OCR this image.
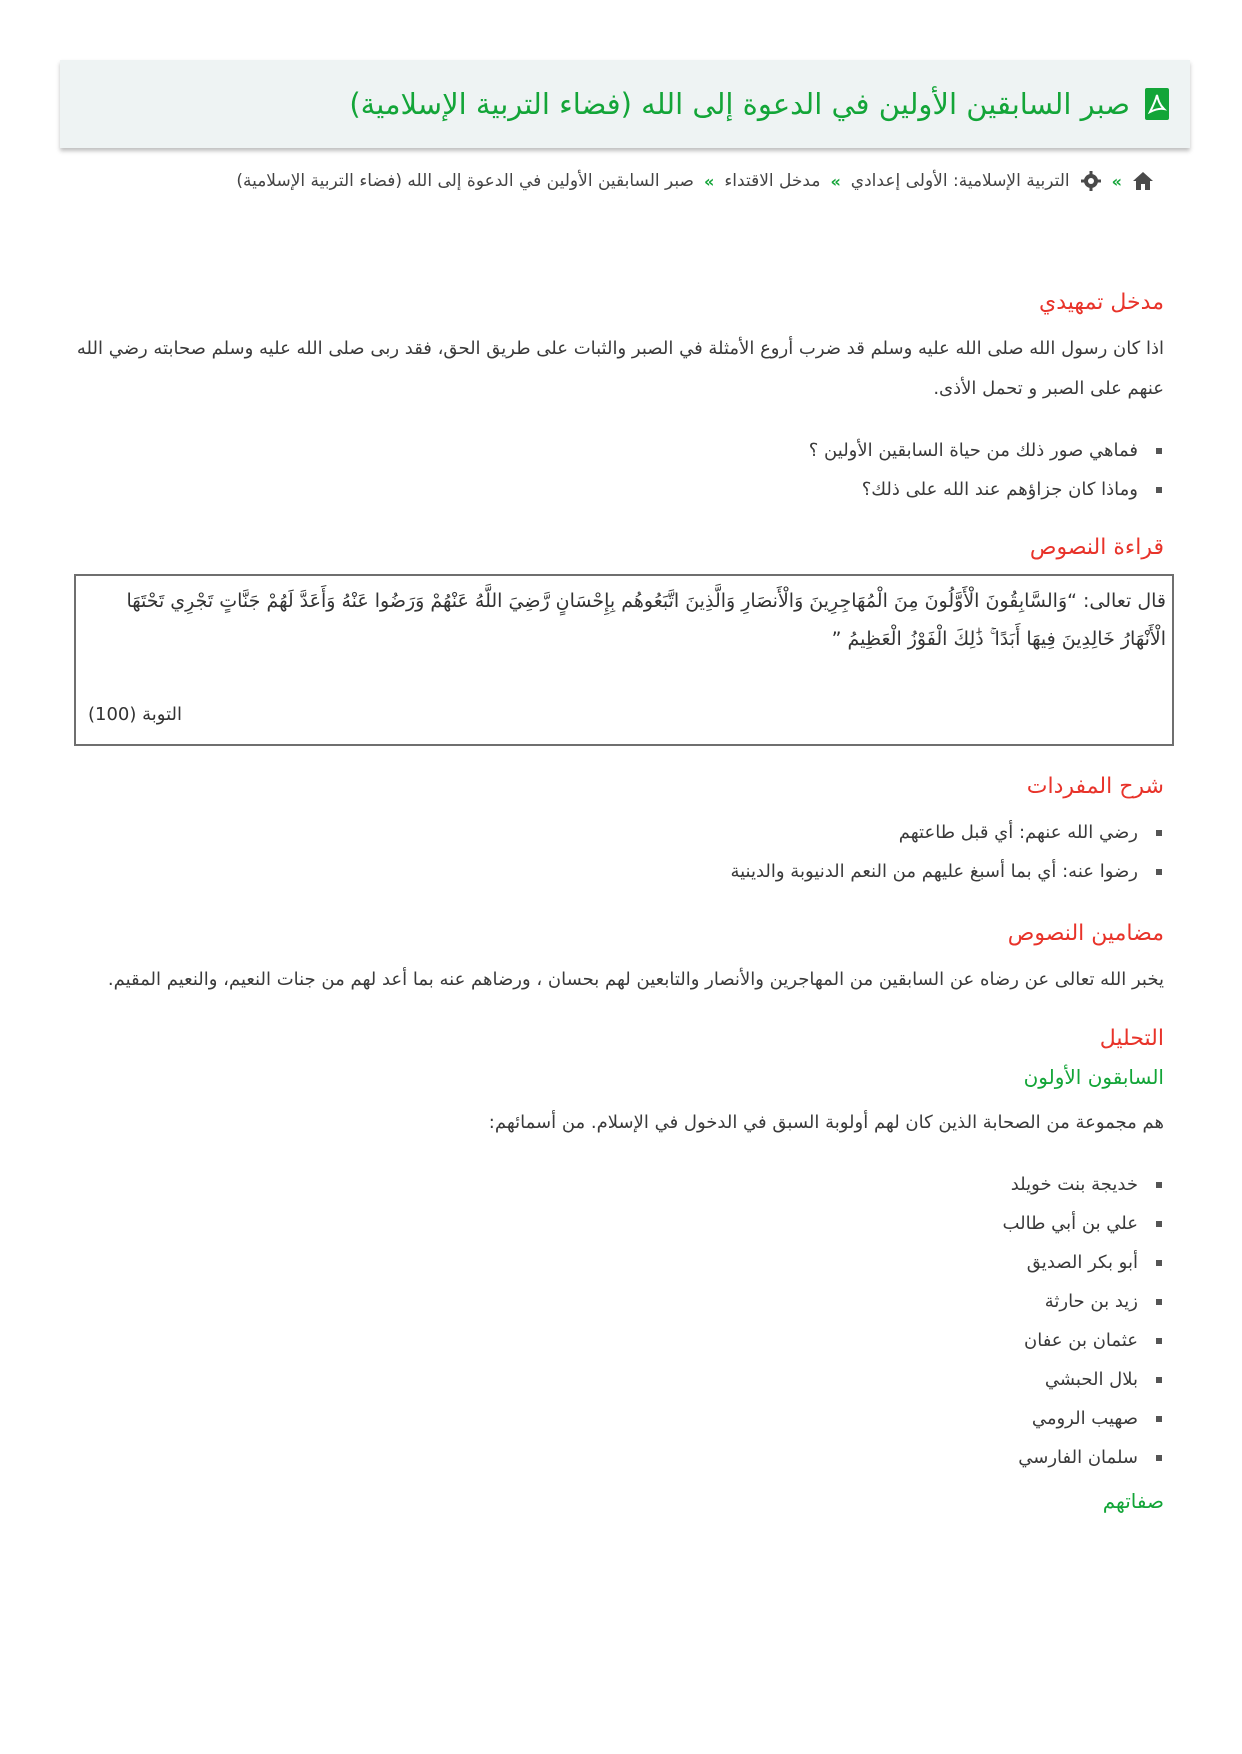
صبر السابقين الأولين في الدعوة إلى الله (فضاء التربية الإسلامية)
»
التربية الإسلامية: الأولى إعدادي
»
مدخل الاقتداء
»
صبر السابقين الأولين في الدعوة إلى الله (فضاء التربية الإسلامية)
مدخل تمهيدي

اذا كان رسول الله صلى الله عليه وسلم قد ضرب أروع الأمثلة في الصبر والثبات على طريق الحق، فقد ربى صلى الله عليه وسلم صحابته رضي الله عنهم على الصبر و تحمل الأذى.

فماهي صور ذلك من حياة السابقين الأولين ؟
وماذا كان جزاؤهم عند الله على ذلك؟
قراءة النصوص
قال تعالى: “وَالسَّابِقُونَ الْأَوَّلُونَ مِنَ الْمُهَاجِرِينَ وَالْأَنصَارِ وَالَّذِينَ اتَّبَعُوهُم بِإِحْسَانٍ رَّضِيَ اللَّهُ عَنْهُمْ وَرَضُوا عَنْهُ وَأَعَدَّ لَهُمْ جَنَّاتٍ تَجْرِي تَحْتَهَا الْأَنْهَارُ خَالِدِينَ فِيهَا أَبَدًا ۚ ذَٰلِكَ الْفَوْزُ الْعَظِيمُ ”
التوبة (100)
شرح المفردات
رضي الله عنهم: أي قبل طاعتهم
رضوا عنه: أي بما أسبغ عليهم من النعم الدنيوبة والدينية
مضامين النصوص

يخبر الله تعالى عن رضاه عن السابقين من المهاجرين والأنصار والتابعين لهم بحسان ، ورضاهم عنه بما أعد لهم من جنات النعيم، والنعيم المقيم.

التحليل
السابقون الأولون

هم مجموعة من الصحابة الذين كان لهم أولوبة السبق في الدخول في الإسلام. من أسمائهم:

خديجة بنت خويلد
علي بن أبي طالب
أبو بكر الصديق
زيد بن حارثة
عثمان بن عفان
بلال الحبشي
صهيب الرومي
سلمان الفارسي
صفاتهم
